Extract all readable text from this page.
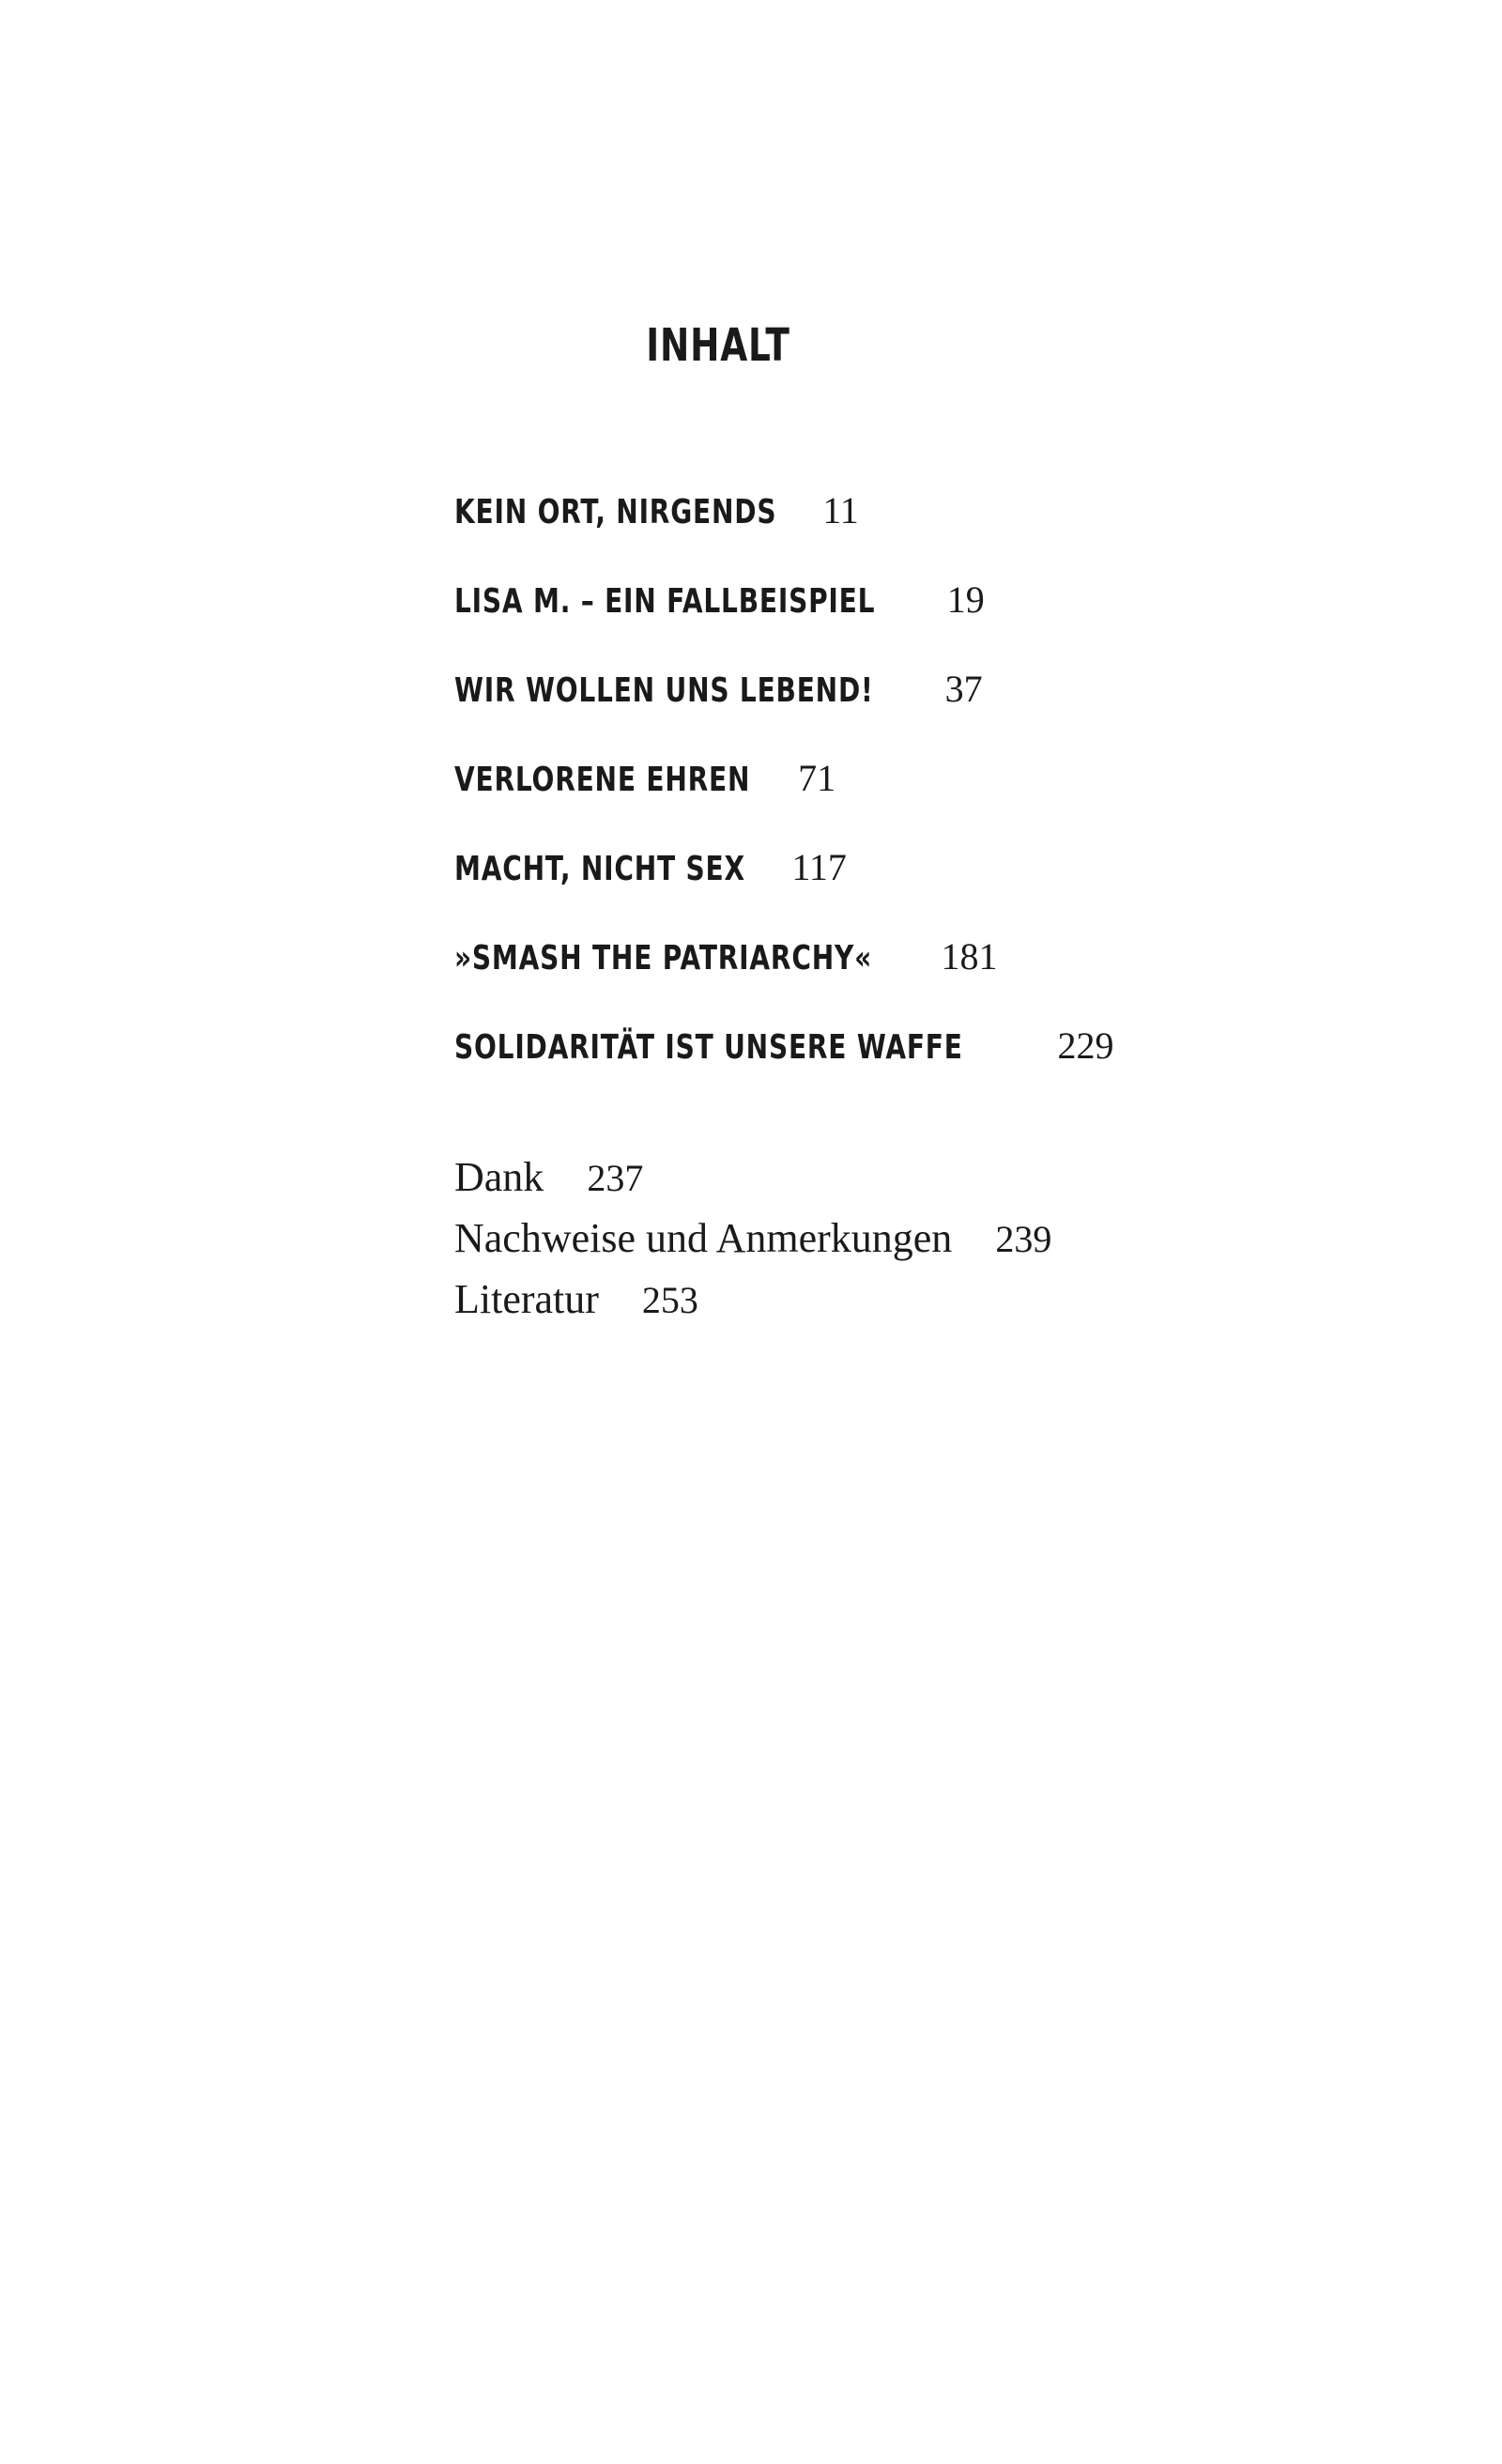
INHALT
KEIN ORT, NIRGENDS 11
LISA M. – EIN FALLBEISPIEL 19
WIR WOLLEN UNS LEBEND! 37
VERLORENE EHREN 71
MACHT, NICHT SEX 117
»SMASH THE PATRIARCHY« 181
SOLIDARITÄT IST UNSERE WAFFE	229
Dank 237
Nachweise und Anmerkungen 239
Literatur 253
